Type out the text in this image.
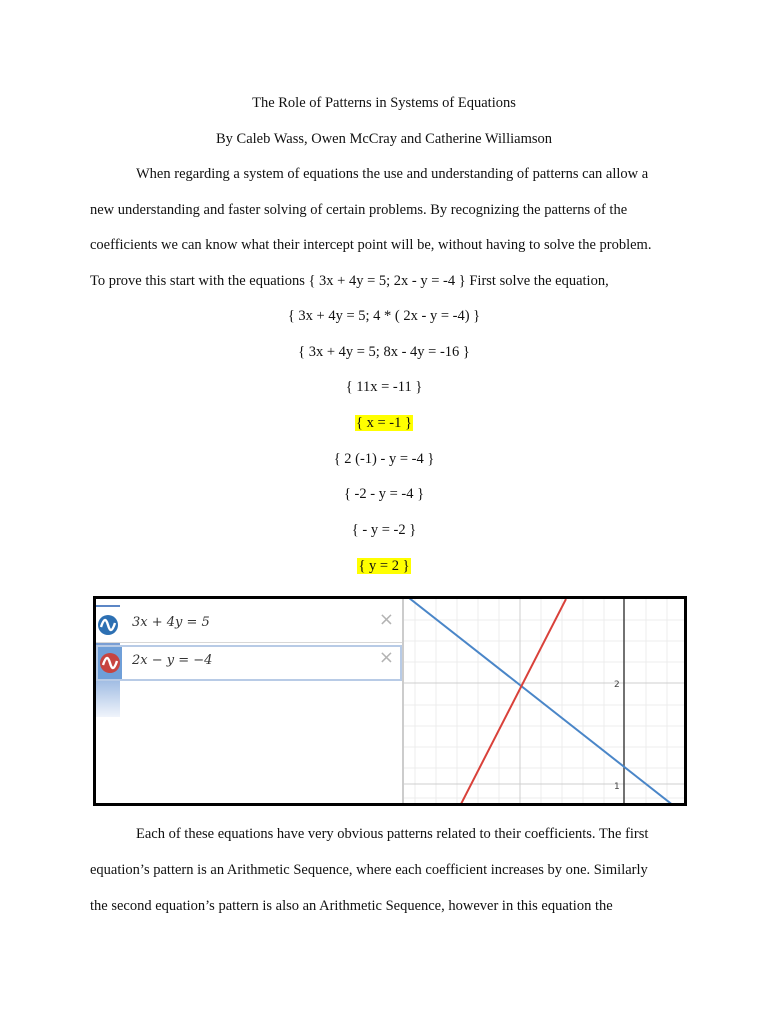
The Role of Patterns in Systems of Equations
By Caleb Wass, Owen McCray and Catherine Williamson
When regarding a system of equations the use and understanding of patterns can allow a
new understanding and faster solving of certain problems. By recognizing the patterns of the
coefficients we can know what their intercept point will be, without having to solve the problem.
To prove this start with the equations { 3x + 4y = 5; 2x - y = -4 } First solve the equation,
{ 3x + 4y = 5; 4 * ( 2x - y = -4) }
{ 3x + 4y = 5; 8x - 4y = -16 }
{ 11x = -11 }
{ x = -1 }
{ 2 (-1) - y = -4 }
{ -2 - y = -4 }
{ - y = -2 }
{ y = 2 }
3x + 4y = 5	×
2x − y = −4	×
2
1
Each of these equations have very obvious patterns related to their coefficients. The first
equation’s pattern is an Arithmetic Sequence, where each coefficient increases by one. Similarly
the second equation’s pattern is also an Arithmetic Sequence, however in this equation the
